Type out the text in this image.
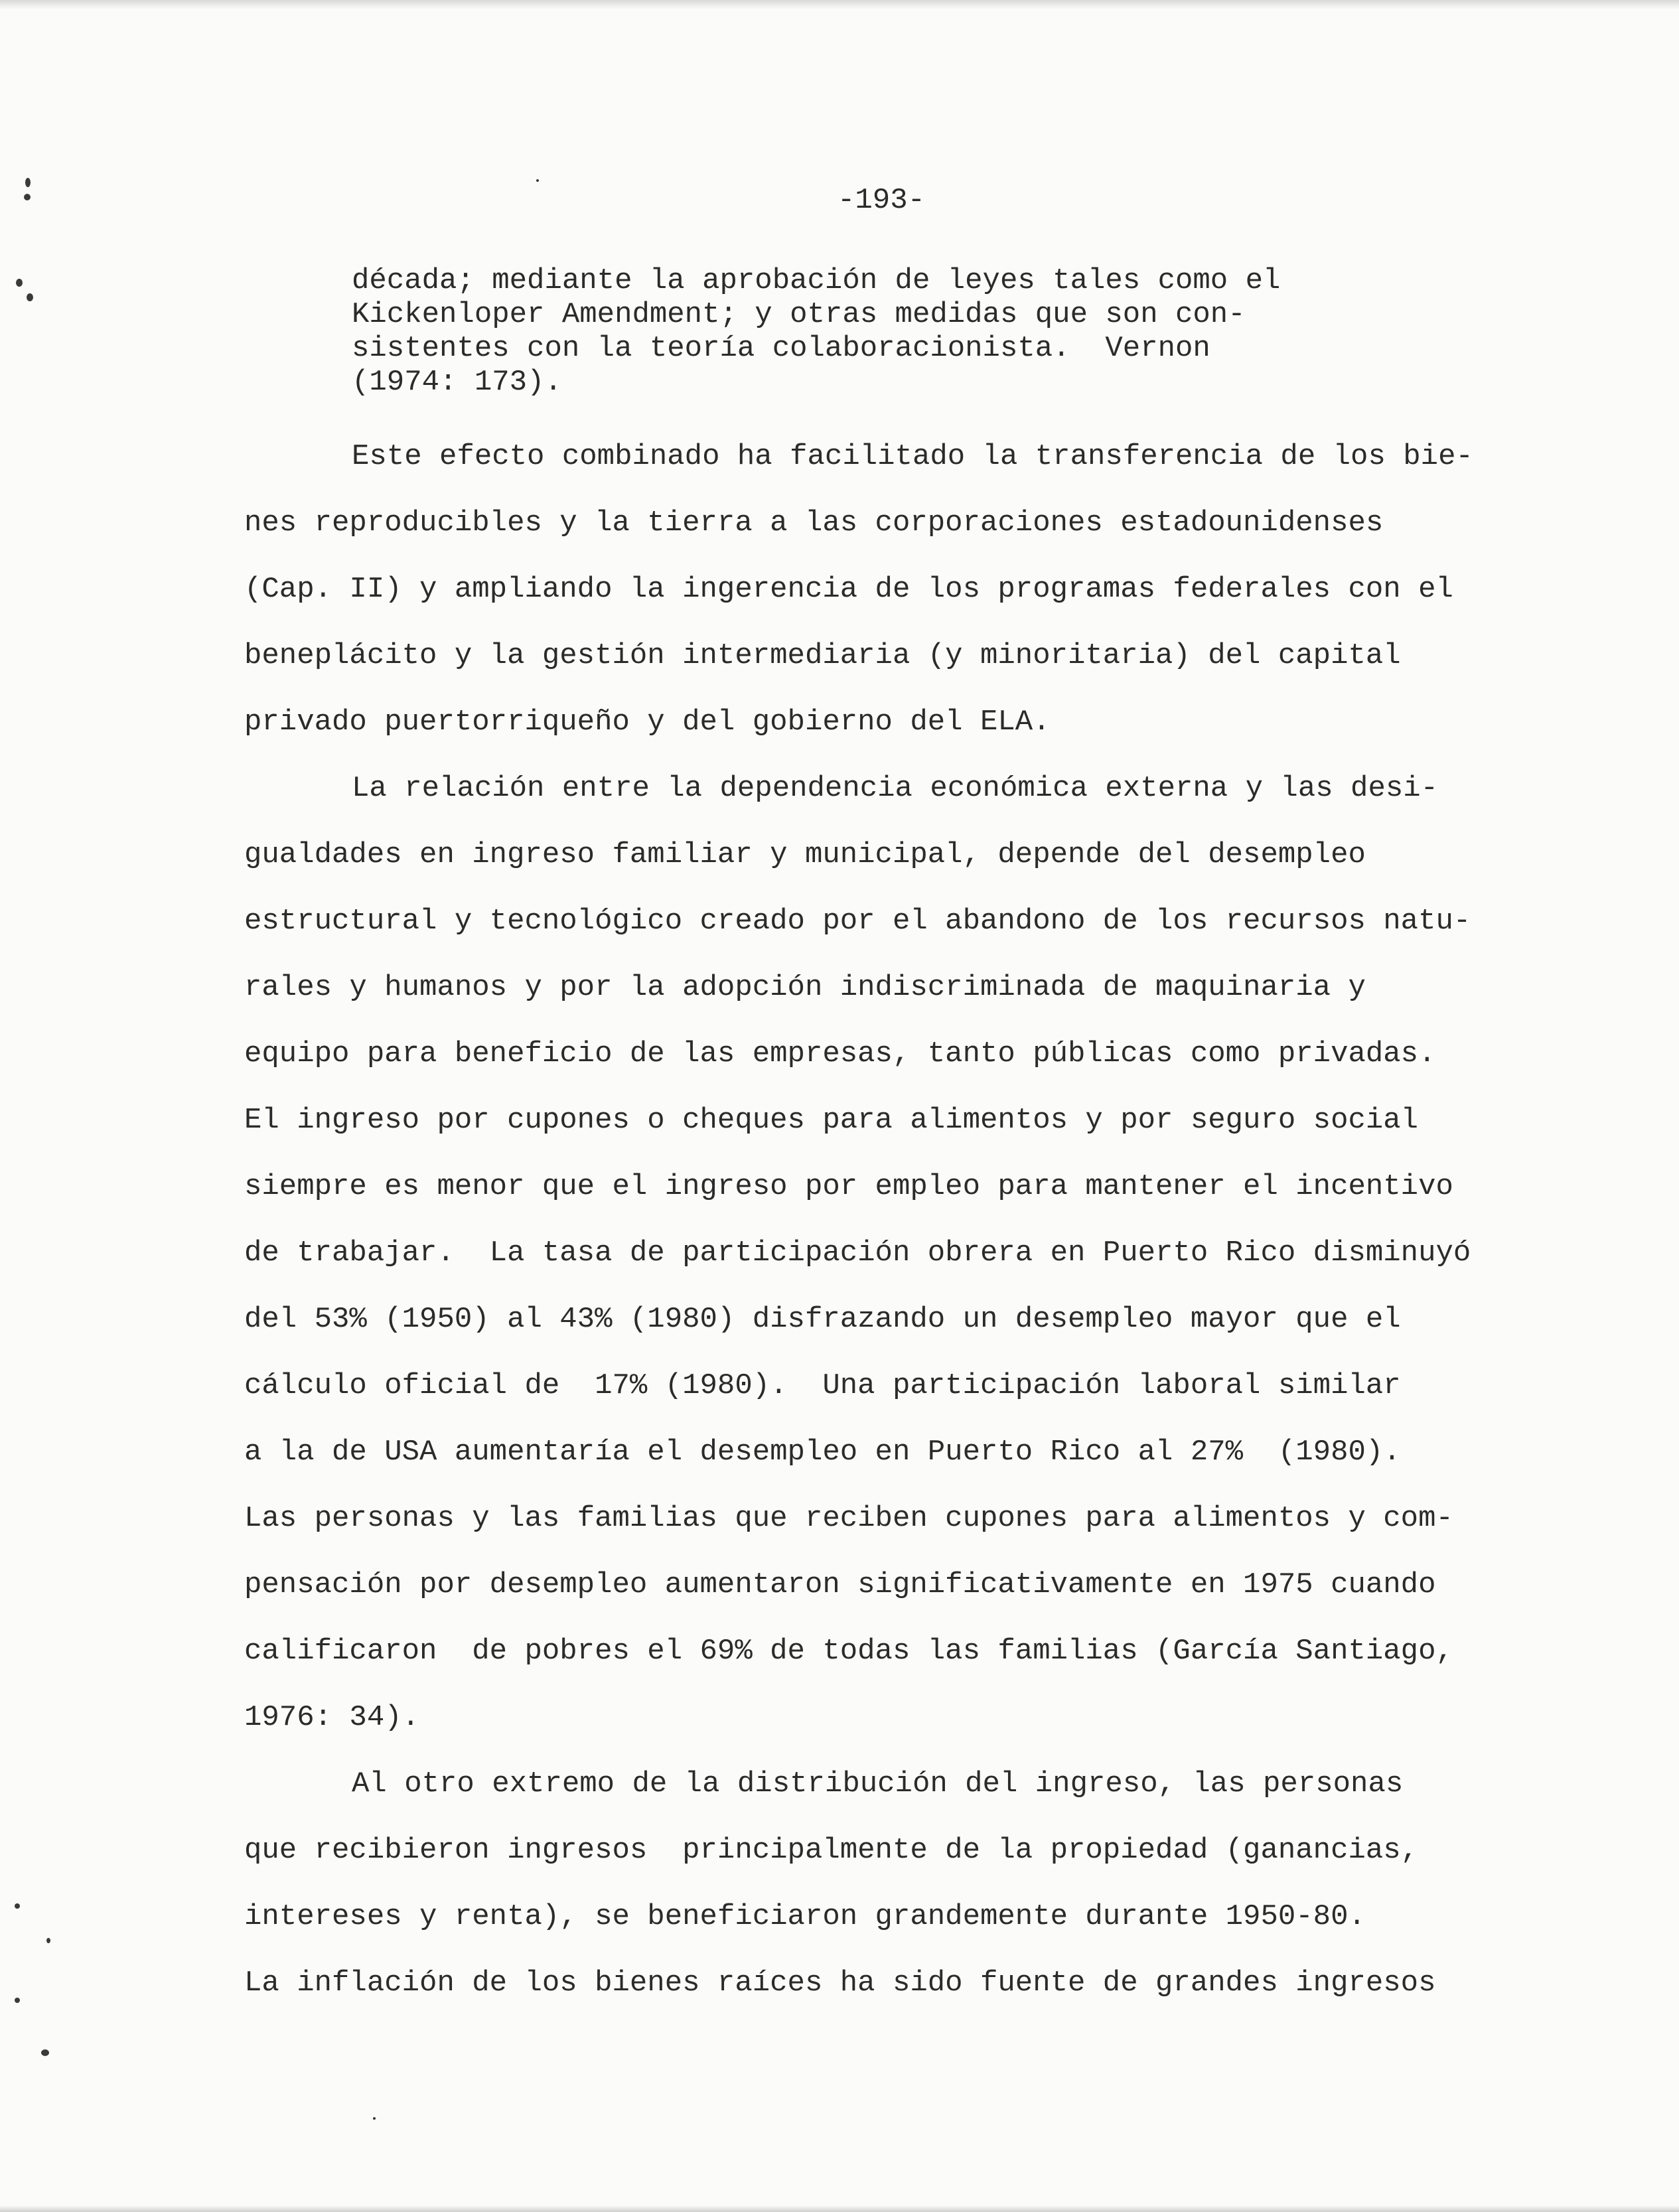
-193-
década; mediante la aprobación de leyes tales como el
Kickenloper Amendment; y otras medidas que son con-
sistentes con la teoría colaboracionista.  Vernon
(1974: 173).
Este efecto combinado ha facilitado la transferencia de los bie-
nes reproducibles y la tierra a las corporaciones estadounidenses
(Cap. II) y ampliando la ingerencia de los programas federales con el
beneplácito y la gestión intermediaria (y minoritaria) del capital
privado puertorriqueño y del gobierno del ELA.
La relación entre la dependencia económica externa y las desi-
gualdades en ingreso familiar y municipal, depende del desempleo
estructural y tecnológico creado por el abandono de los recursos natu-
rales y humanos y por la adopción indiscriminada de maquinaria y
equipo para beneficio de las empresas, tanto públicas como privadas.
El ingreso por cupones o cheques para alimentos y por seguro social
siempre es menor que el ingreso por empleo para mantener el incentivo
de trabajar.  La tasa de participación obrera en Puerto Rico disminuyó
del 53% (1950) al 43% (1980) disfrazando un desempleo mayor que el
cálculo oficial de  17% (1980).  Una participación laboral similar
a la de USA aumentaría el desempleo en Puerto Rico al 27%  (1980).
Las personas y las familias que reciben cupones para alimentos y com-
pensación por desempleo aumentaron significativamente en 1975 cuando
calificaron  de pobres el 69% de todas las familias (García Santiago,
1976: 34).
Al otro extremo de la distribución del ingreso, las personas
que recibieron ingresos  principalmente de la propiedad (ganancias,
intereses y renta), se beneficiaron grandemente durante 1950-80.
La inflación de los bienes raíces ha sido fuente de grandes ingresos
